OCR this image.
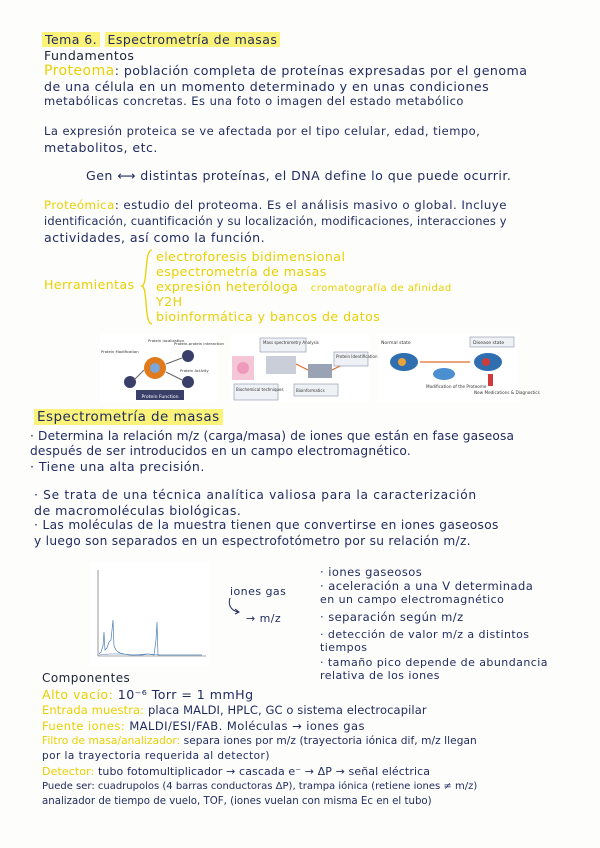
Tema 6. Espectrometría de masas
Fundamentos
Proteoma: población completa de proteínas expresadas por el genoma
de una célula en un momento determinado y en unas condiciones
metabólicas concretas. Es una foto o imagen del estado metabólico
La expresión proteica se ve afectada por el tipo celular, edad, tiempo,
metabolitos, etc.
Gen ⟷ distintas proteínas, el DNA define lo que puede ocurrir.
Proteómica: estudio del proteoma. Es el análisis masivo o global. Incluye
identificación, cuantificación y su localización, modificaciones, interacciones y
actividades, así como la función.
Herramientas
electroforesis bidimensional
espectrometría de masas
expresión heteróloga cromatografía de afinidad
Y2H
bioinformática y bancos de datos
Protein Function
Protein localization
Protein-protein interaction
Protein Modification
Protein Activity
Mass spectrometry Analysis
Protein Identification
Biochemical techniques	Bioinformatics
Normal state	Disease state
Modification of the Proteome
New Medications & Diagnostics
Espectrometría de masas
· Determina la relación m/z (carga/masa) de iones que están en fase gaseosa
después de ser introducidos en un campo electromagnético.
· Tiene una alta precisión.
· Se trata de una técnica analítica valiosa para la caracterización
de macromoléculas biológicas.
· Las moléculas de la muestra tienen que convertirse en iones gaseosos
y luego son separados en un espectrofotómetro por su relación m/z.
iones gas
→ m/z
· iones gaseosos
· aceleración a una V determinada
en un campo electromagnético
· separación según m/z
· detección de valor m/z a distintos
tiempos
· tamaño pico depende de abundancia
relativa de los iones
Componentes
Alto vacío: 10⁻⁶ Torr = 1 mmHg
Entrada muestra: placa MALDI, HPLC, GC o sistema electrocapilar
Fuente iones: MALDI/ESI/FAB. Moléculas → iones gas
Filtro de masa/analizador: separa iones por m/z (trayectoria iónica dif, m/z llegan
por la trayectoria requerida al detector)
Detector: tubo fotomultiplicador → cascada e⁻ → ΔP → señal eléctrica
Puede ser: cuadrupolos (4 barras conductoras ΔP), trampa iónica (retiene iones ≠ m/z)
analizador de tiempo de vuelo, TOF, (iones vuelan con misma Ec en el tubo)
